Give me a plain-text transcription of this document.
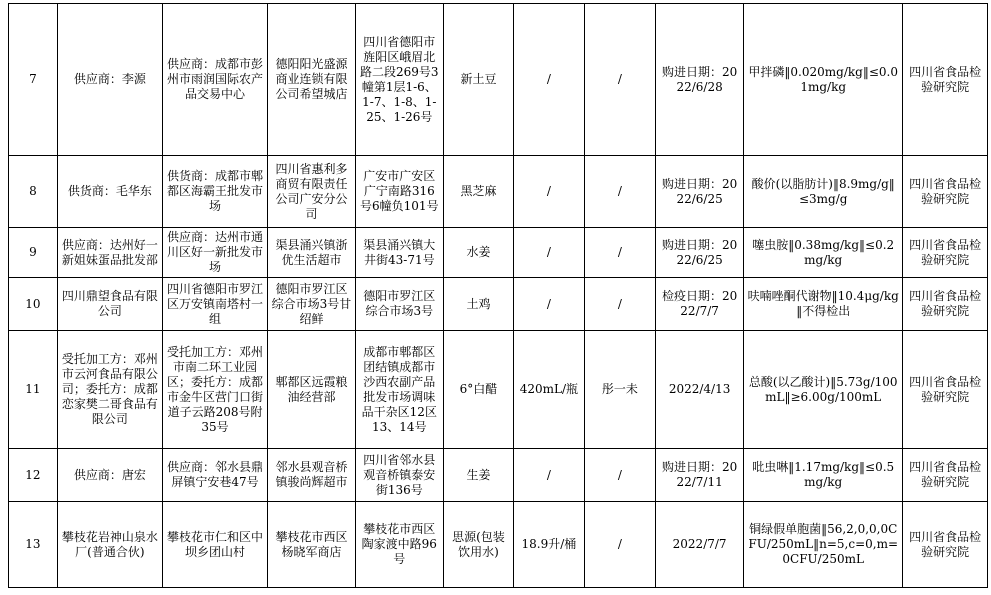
7	供应商：李源	供应商：成都市彭州市雨润国际农产品交易中心	德阳阳光盛源商业连锁有限公司希望城店	四川省德阳市旌阳区峨眉北路二段269号3幢第1层1-6、1-7、1-8、1-25、1-26号	新土豆	/	/	购进日期：2022/6/28	甲拌磷‖0.020mg/kg‖≤0.01mg/kg	四川省食品检验研究院
8	供货商：毛华东	供货商：成都市郫都区海霸王批发市场	四川省惠利多商贸有限责任公司广安分公司	广安市广安区广宁南路316号6幢负101号	黑芝麻	/	/	购进日期：2022/6/25	酸价(以脂肪计)‖8.9mg/g‖≤3mg/g	四川省食品检验研究院
9	供应商：达州好一新姐妹蛋品批发部	供应商：达州市通川区好一新批发市场	渠县涌兴镇浙优生活超市	渠县涌兴镇大井街43-71号	水姜	/	/	购进日期：2022/6/25	噻虫胺‖0.38mg/kg‖≤0.2mg/kg	四川省食品检验研究院
10	四川鼎望食品有限公司	四川省德阳市罗江区万安镇南塔村一组	德阳市罗江区综合市场3号甘绍鲜	德阳市罗江区综合市场3号	土鸡	/	/	检疫日期：2022/7/7	呋喃唑酮代谢物‖10.4μg/kg‖不得检出	四川省食品检验研究院
11	受托加工方：邓州市云河食品有限公司；委托方：成都恋家樊二哥食品有限公司	受托加工方：邓州市南二环工业园区；委托方：成都市金牛区营门口街道子云路208号附35号	郫都区远霞粮油经营部	成都市郫都区团结镇成都市沙西农副产品批发市场调味品干杂区12区13、14号	6°白醋	420mL/瓶	彤一未	2022/4/13	总酸(以乙酸计)‖5.73g/100mL‖≥6.00g/100mL	四川省食品检验研究院
12	供应商：唐宏	供应商：邻水县鼎屏镇宁安巷47号	邻水县观音桥镇骏尚辉超市	四川省邻水县观音桥镇泰安街136号	生姜	/	/	购进日期：2022/7/11	吡虫啉‖1.17mg/kg‖≤0.5mg/kg	四川省食品检验研究院
13	攀枝花岩神山泉水厂(普通合伙)	攀枝花市仁和区中坝乡团山村	攀枝花市西区杨晓军商店	攀枝花市西区陶家渡中路96号	思源(包装饮用水)	18.9升/桶	/	2022/7/7	铜绿假单胞菌‖56,2,0,0,0CFU/250mL‖n=5,c=0,m=0CFU/250mL	四川省食品检验研究院
